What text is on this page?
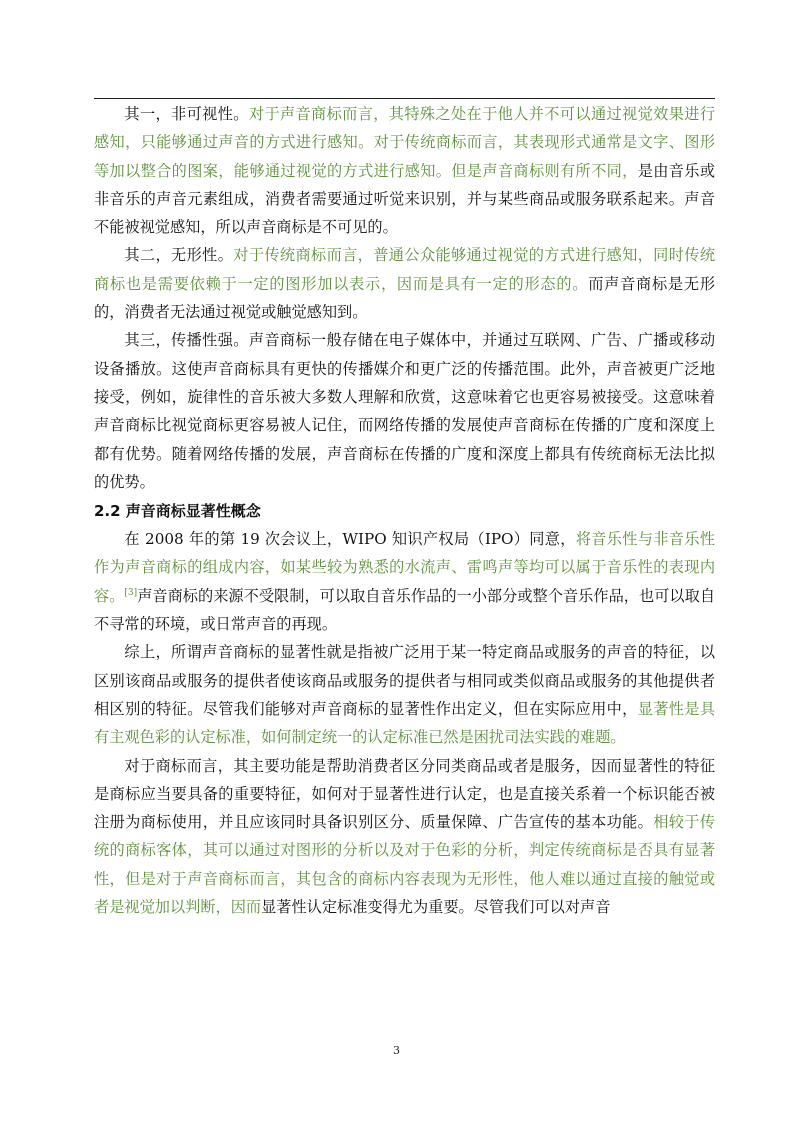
其一，非可视性。对于声音商标而言，其特殊之处在于他人并不可以通过视觉效果进行感知，只能够通过声音的方式进行感知。对于传统商标而言，其表现形式通常是文字、图形等加以整合的图案，能够通过视觉的方式进行感知。但是声音商标则有所不同，是由音乐或非音乐的声音元素组成，消费者需要通过听觉来识别，并与某些商品或服务联系起来。声音不能被视觉感知，所以声音商标是不可见的。

其二，无形性。对于传统商标而言，普通公众能够通过视觉的方式进行感知，同时传统商标也是需要依赖于一定的图形加以表示，因而是具有一定的形态的。而声音商标是无形的，消费者无法通过视觉或触觉感知到。

其三，传播性强。声音商标一般存储在电子媒体中，并通过互联网、广告、广播或移动设备播放。这使声音商标具有更快的传播媒介和更广泛的传播范围。此外，声音被更广泛地接受，例如，旋律性的音乐被大多数人理解和欣赏，这意味着它也更容易被接受。这意味着声音商标比视觉商标更容易被人记住，而网络传播的发展使声音商标在传播的广度和深度上都有优势。随着网络传播的发展，声音商标在传播的广度和深度上都具有传统商标无法比拟的优势。

2.2 声音商标显著性概念

在 2008 年的第 19 次会议上，WIPO 知识产权局（IPO）同意，将音乐性与非音乐性作为声音商标的组成内容，如某些较为熟悉的水流声、雷鸣声等均可以属于音乐性的表现内容。[3]声音商标的来源不受限制，可以取自音乐作品的一小部分或整个音乐作品，也可以取自不寻常的环境，或日常声音的再现。

综上，所谓声音商标的显著性就是指被广泛用于某一特定商品或服务的声音的特征，以区别该商品或服务的提供者使该商品或服务的提供者与相同或类似商品或服务的其他提供者相区别的特征。尽管我们能够对声音商标的显著性作出定义，但在实际应用中，显著性是具有主观色彩的认定标准，如何制定统一的认定标准已然是困扰司法实践的难题。

对于商标而言，其主要功能是帮助消费者区分同类商品或者是服务，因而显著性的特征是商标应当要具备的重要特征，如何对于显著性进行认定，也是直接关系着一个标识能否被注册为商标使用，并且应该同时具备识别区分、质量保障、广告宣传的基本功能。相较于传统的商标客体，其可以通过对图形的分析以及对于色彩的分析，判定传统商标是否具有显著性，但是对于声音商标而言，其包含的商标内容表现为无形性，他人难以通过直接的触觉或者是视觉加以判断，因而显著性认定标准变得尤为重要。尽管我们可以对声音

3
